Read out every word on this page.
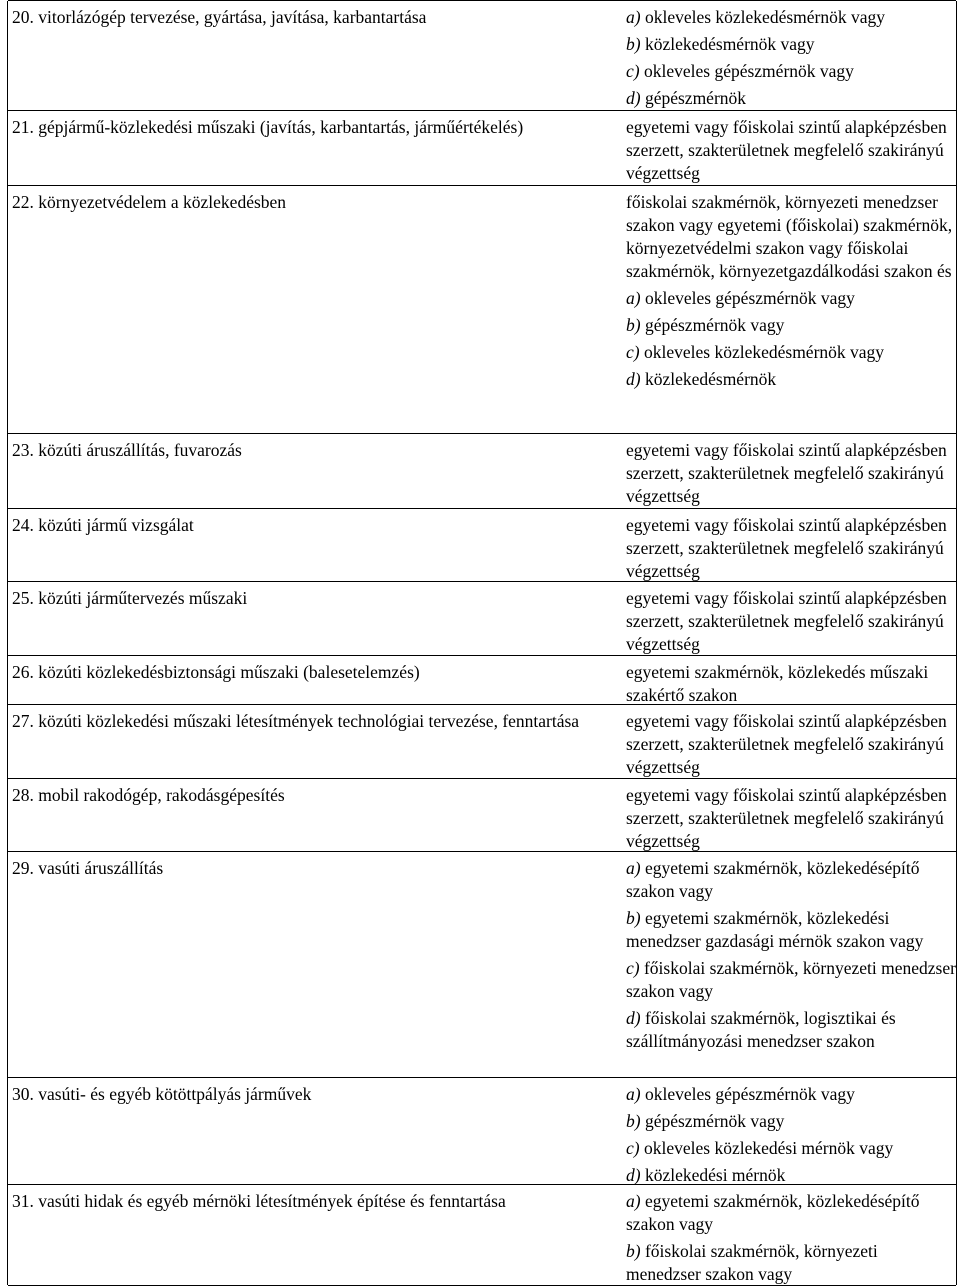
20. vitorlázógép tervezése, gyártása, javítása, karbantartása	a) okleveles közlekedésmérnök vagy
b) közlekedésmérnök vagy
c) okleveles gépészmérnök vagy
d) gépészmérnök
21. gépjármű-közlekedési műszaki (javítás, karbantartás, járműértékelés)	egyetemi vagy főiskolai szintű alapképzésben szerzett, szakterületnek megfelelő szakirányú végzettség
22. környezetvédelem a közlekedésben	főiskolai szakmérnök, környezeti menedzser szakon vagy egyetemi (főiskolai) szakmérnök, környezetvédelmi szakon vagy főiskolai szakmérnök, környezetgazdálkodási szakon és
a) okleveles gépészmérnök vagy
b) gépészmérnök vagy
c) okleveles közlekedésmérnök vagy
d) közlekedésmérnök
23. közúti áruszállítás, fuvarozás	egyetemi vagy főiskolai szintű alapképzésben szerzett, szakterületnek megfelelő szakirányú végzettség
24. közúti jármű vizsgálat	egyetemi vagy főiskolai szintű alapképzésben szerzett, szakterületnek megfelelő szakirányú végzettség
25. közúti járműtervezés műszaki	egyetemi vagy főiskolai szintű alapképzésben szerzett, szakterületnek megfelelő szakirányú végzettség
26. közúti közlekedésbiztonsági műszaki (balesetelemzés)	egyetemi szakmérnök, közlekedés műszaki szakértő szakon
27. közúti közlekedési műszaki létesítmények technológiai tervezése, fenntartása	egyetemi vagy főiskolai szintű alapképzésben szerzett, szakterületnek megfelelő szakirányú végzettség
28. mobil rakodógép, rakodásgépesítés	egyetemi vagy főiskolai szintű alapképzésben szerzett, szakterületnek megfelelő szakirányú végzettség
29. vasúti áruszállítás	a) egyetemi szakmérnök, közlekedésépítő szakon vagy
b) egyetemi szakmérnök, közlekedési menedzser gazdasági mérnök szakon vagy
c) főiskolai szakmérnök, környezeti menedzser szakon vagy
d) főiskolai szakmérnök, logisztikai és szállítmányozási menedzser szakon
30. vasúti- és egyéb kötöttpályás járművek	a) okleveles gépészmérnök vagy
b) gépészmérnök vagy
c) okleveles közlekedési mérnök vagy
d) közlekedési mérnök
31. vasúti hidak és egyéb mérnöki létesítmények építése és fenntartása	a) egyetemi szakmérnök, közlekedésépítő szakon vagy
b) főiskolai szakmérnök, környezeti menedzser szakon vagy
